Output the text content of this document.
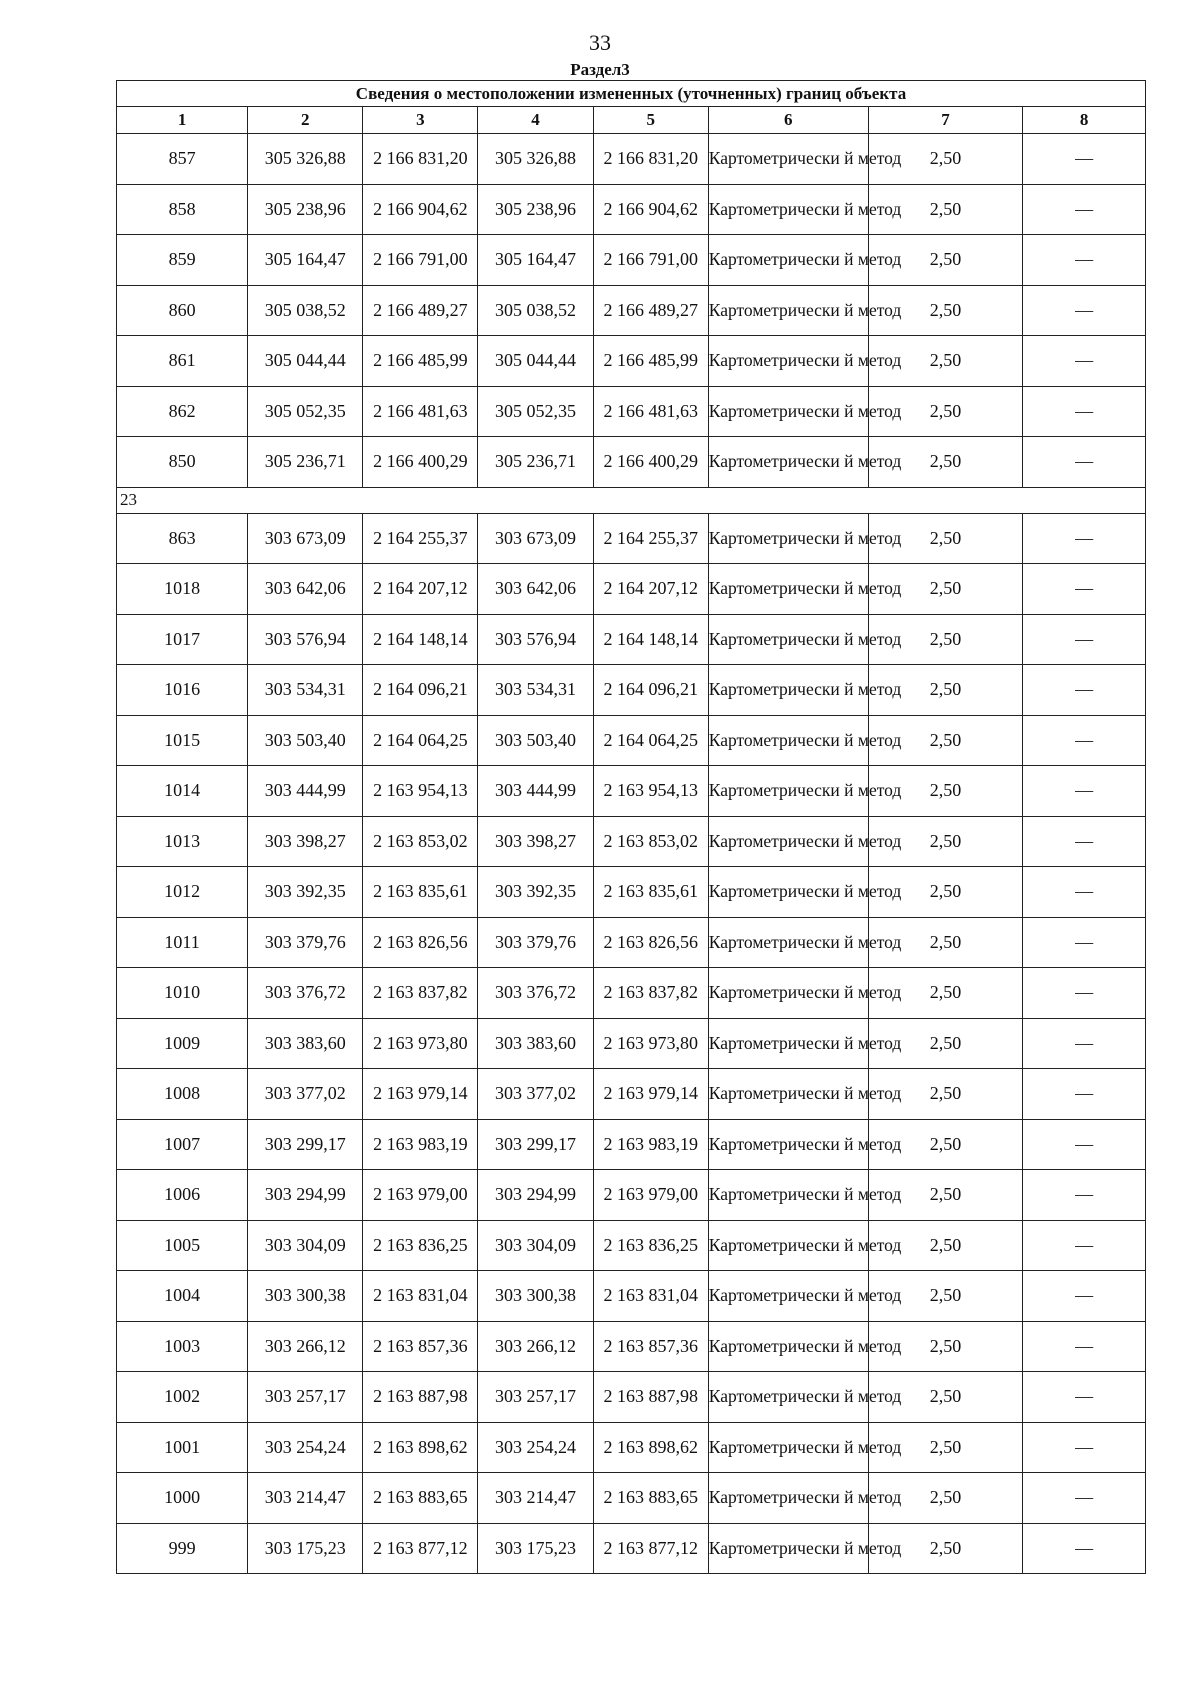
33
Раздел3
Сведения о местоположении измененных (уточненных) границ объекта							
1	2	3	4	5	6	7	8
857	305 326,88	2 166 831,20	305 326,88	2 166 831,20	Картометрически й метод	2,50	—
858	305 238,96	2 166 904,62	305 238,96	2 166 904,62	Картометрически й метод	2,50	—
859	305 164,47	2 166 791,00	305 164,47	2 166 791,00	Картометрически й метод	2,50	—
860	305 038,52	2 166 489,27	305 038,52	2 166 489,27	Картометрически й метод	2,50	—
861	305 044,44	2 166 485,99	305 044,44	2 166 485,99	Картометрически й метод	2,50	—
862	305 052,35	2 166 481,63	305 052,35	2 166 481,63	Картометрически й метод	2,50	—
850	305 236,71	2 166 400,29	305 236,71	2 166 400,29	Картометрически й метод	2,50	—
23							
863	303 673,09	2 164 255,37	303 673,09	2 164 255,37	Картометрически й метод	2,50	—
1018	303 642,06	2 164 207,12	303 642,06	2 164 207,12	Картометрически й метод	2,50	—
1017	303 576,94	2 164 148,14	303 576,94	2 164 148,14	Картометрически й метод	2,50	—
1016	303 534,31	2 164 096,21	303 534,31	2 164 096,21	Картометрически й метод	2,50	—
1015	303 503,40	2 164 064,25	303 503,40	2 164 064,25	Картометрически й метод	2,50	—
1014	303 444,99	2 163 954,13	303 444,99	2 163 954,13	Картометрически й метод	2,50	—
1013	303 398,27	2 163 853,02	303 398,27	2 163 853,02	Картометрически й метод	2,50	—
1012	303 392,35	2 163 835,61	303 392,35	2 163 835,61	Картометрически й метод	2,50	—
1011	303 379,76	2 163 826,56	303 379,76	2 163 826,56	Картометрически й метод	2,50	—
1010	303 376,72	2 163 837,82	303 376,72	2 163 837,82	Картометрически й метод	2,50	—
1009	303 383,60	2 163 973,80	303 383,60	2 163 973,80	Картометрически й метод	2,50	—
1008	303 377,02	2 163 979,14	303 377,02	2 163 979,14	Картометрически й метод	2,50	—
1007	303 299,17	2 163 983,19	303 299,17	2 163 983,19	Картометрически й метод	2,50	—
1006	303 294,99	2 163 979,00	303 294,99	2 163 979,00	Картометрически й метод	2,50	—
1005	303 304,09	2 163 836,25	303 304,09	2 163 836,25	Картометрически й метод	2,50	—
1004	303 300,38	2 163 831,04	303 300,38	2 163 831,04	Картометрически й метод	2,50	—
1003	303 266,12	2 163 857,36	303 266,12	2 163 857,36	Картометрически й метод	2,50	—
1002	303 257,17	2 163 887,98	303 257,17	2 163 887,98	Картометрически й метод	2,50	—
1001	303 254,24	2 163 898,62	303 254,24	2 163 898,62	Картометрически й метод	2,50	—
1000	303 214,47	2 163 883,65	303 214,47	2 163 883,65	Картометрически й метод	2,50	—
999	303 175,23	2 163 877,12	303 175,23	2 163 877,12	Картометрически й метод	2,50	—
